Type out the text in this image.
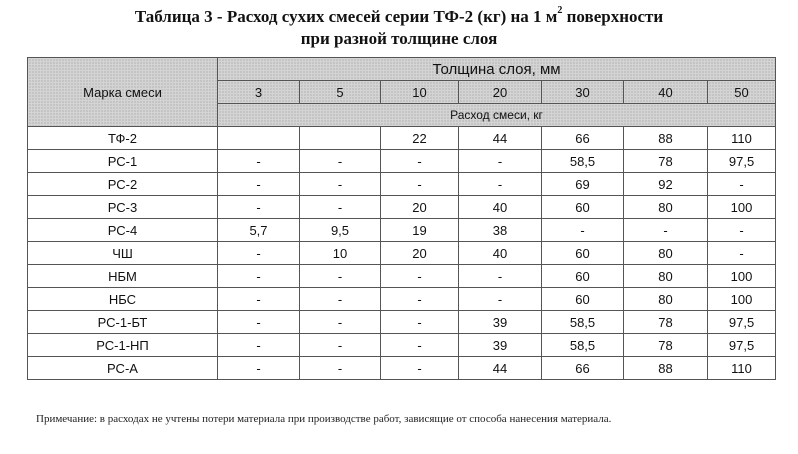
Таблица 3 - Расход сухих смесей серии ТФ-2 (кг) на 1 $м^2$ поверхности
при разной толщине слоя
Марка смеси	Толщина слоя, мм						
	3	5	10	20	30	40	50
	Расход смеси, кг						
ТФ-2			22	44	66	88	110
РС-1	-	-	-	-	58,5	78	97,5
РС-2	-	-	-	-	69	92	-
РС-3	-	-	20	40	60	80	100
РС-4	5,7	9,5	19	38	-	-	-
ЧШ	-	10	20	40	60	80	-
НБМ	-	-	-	-	60	80	100
НБС	-	-	-	-	60	80	100
РС-1-БТ	-	-	-	39	58,5	78	97,5
РС-1-НП	-	-	-	39	58,5	78	97,5
РС-А	-	-	-	44	66	88	110
Примечание: в расходах не учтены потери материала при производстве работ, зависящие от способа нанесения материала.
